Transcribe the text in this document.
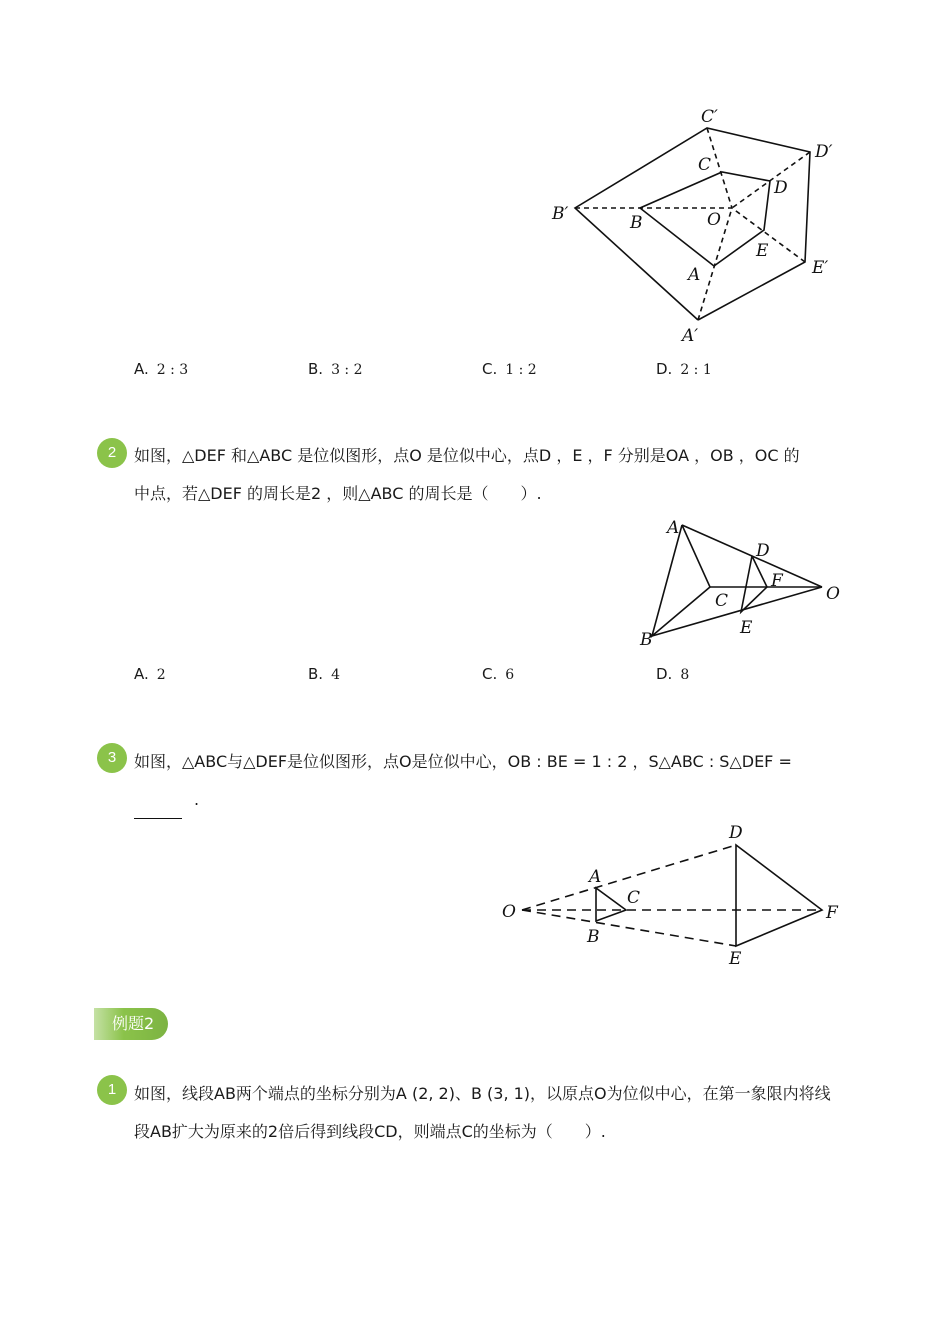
C′
D′
C
D
B′	B	O
E
A	E′
A′
A. 2 : 3	B. 3 : 2	C. 1 : 2	D. 2 : 1
2	如图，△DEF 和△ABC 是位似图形，点O 是位似中心，点D ，E ，F 分别是OA ，OB ，OC 的
中点，若△DEF 的周长是2 ，则△ABC 的周长是（　　）.
A
D
F
O
C
E
B
A. 2	B. 4	C. 6	D. 8
3	如图，△ABC与△DEF是位似图形，点O是位似中心，OB : BE = 1 : 2 ，S△ABC : S△DEF =
.
O
A
B
C
D
E
F
例题2
1	如图，线段AB两个端点的坐标分别为A (2, 2)、B (3, 1)，以原点O为位似中心，在第一象限内将线
段AB扩大为原来的2倍后得到线段CD，则端点C的坐标为（　　）.
